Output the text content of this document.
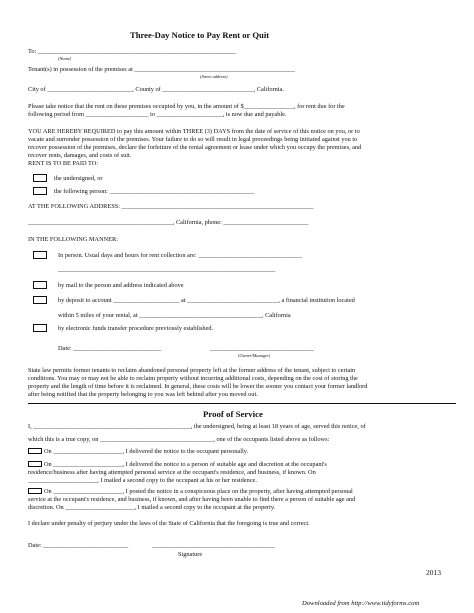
Three-Day Notice to Pay Rent or Quit
To: _______________________________________________________________
(Name)
Tenant(s) in possession of the premises at ___________________________________________________
(Street address)
City of ___________________________, County of _____________________________, California.
Please take notice that the rent on these premises occupied by you, in the amount of $________________, for rent due for the
following period from ____________________ to _____________________, is now due and payable.
YOU ARE HEREBY REQUIRED to pay this amount within THREE (3) DAYS from the date of service of this notice on you, or to
vacate and surrender possession of the premises. Your failure to do so will result in legal proceedings being initiated against you to
recover possession of the premises, declare the forfeiture of the rental agreement or lease under which you occupy the premises, and
recover rents, damages, and costs of suit.
RENT IS TO BE PAID TO:
the undersigned, or
the following person: ______________________________________________
AT THE FOLLOWING ADDRESS: _____________________________________________________________
______________________________________________, California, phone: ___________________________
IN THE FOLLOWING MANNER:
In person. Usual days and hours for rent collection are: _________________________________
_____________________________________________________________________
by mail to the person and address indicated above
by deposit to account _____________________ at _____________________________, a financial institution located
within 5 miles of your rental, at _______________________________________, California
by electronic funds transfer procedure previously established.
Date: ____________________________	_________________________________
(Owner/Manager)
State law permits former tenants to reclaim abandoned personal property left at the former address of the tenant, subject to certain
conditions. You may or may not be able to reclaim property without incurring additional costs, depending on the cost of storing the
property and the length of time before it is reclaimed. In general, these costs will be lower the sooner you contact your former landlord
after being notified that the property belonging to you was left behind after you moved out.
Proof of Service
I, __________________________________________________, the undersigned, being at least 18 years of age, served this notice, of
which this is a true copy, on ____________________________________, one of the occupants listed above as follows:
On ______________________, I delivered the notice to the occupant personally.
On ______________________, I delivered the notice to a person of suitable age and discretion at the occupant's
residence/business after having attempted personal service at the occupant's residence, and business, if known. On
______________________, I mailed a second copy to the occupant at his or her residence.
On ______________________, I posted the notice in a conspicuous place on the property, after having attempted personal
service at the occupant's residence, and business, if known, and after having been unable to find there a person of suitable age and
discretion. On ______________________, I mailed a second copy to the occupant at the property.
I declare under penalty of perjury under the laws of the State of California that the foregoing is true and correct.
Date: ___________________________	_______________________________________
Signature
2013
Downloaded from http://www.tidyforms.com
